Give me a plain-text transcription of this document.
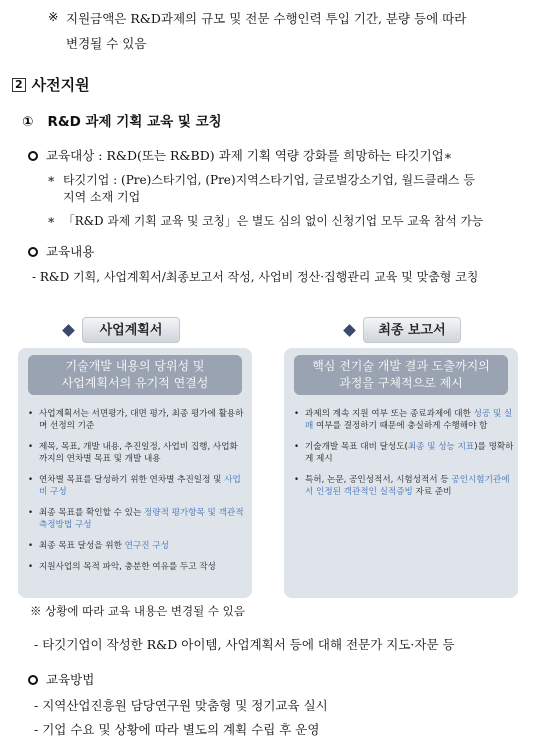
※ 지원금액은 R&D과제의 규모 및 전문 수행인력 투입 기간, 분량 등에 따라
변경될 수 있음
2 사전지원
① R&D 과제 기획 교육 및 코칭
교육대상 : R&D(또는 R&BD) 과제 기획 역량 강화를 희망하는 타깃기업∗
∗ 타깃기업 : (Pre)스타기업, (Pre)지역스타기업, 글로벌강소기업, 월드클래스 등
지역 소재 기업
∗ 「R&D 과제 기획 교육 및 코칭」은 별도 심의 없이 신청기업 모두 교육 참석 가능
교육내용
- R&D 기획, 사업계획서/최종보고서 작성, 사업비 정산·집행관리 교육 및 맞춤형 코칭
사업계획서	최종 보고서
기술개발 내용의 당위성 및
사업계획서의 유기적 연결성
• 사업계획서는 서면평가, 대면 평가, 최종 평가에 활용하며 선정의 기준
• 제목, 목표, 개발 내용, 추진일정, 사업비 집행, 사업화까지의 연차별 목표 및 개발 내용
• 연차별 목표를 달성하기 위한 연차별 추진일정 및 사업비 구성
• 최종 목표를 확인할 수 있는 정량적 평가항목 및 객관적 측정방법 구성
• 최종 목표 달성을 위한 연구진 구성
• 지원사업의 목적 파악, 충분한 여유를 두고 작성
핵심 전기술 개발 결과 도출까지의
과정을 구체적으로 제시
• 과제의 계속 지원 여부 또는 종료과제에 대한 성공 및 실패 여부를 결정하기 때문에 충실하게 수행해야 함
• 기술개발 목표 대비 달성도(최종 및 성능 지표)를 명확하게 제시
• 특허, 논문, 공인성적서, 시험성적서 등 공인시험기관에서 인정된 객관적인 실적증빙 자료 준비
※ 상황에 따라 교육 내용은 변경될 수 있음
- 타깃기업이 작성한 R&D 아이템, 사업계획서 등에 대해 전문가 지도·자문 등
교육방법
- 지역산업진흥원 담당연구원 맞춤형 및 정기교육 실시
- 기업 수요 및 상황에 따라 별도의 계획 수립 후 운영
